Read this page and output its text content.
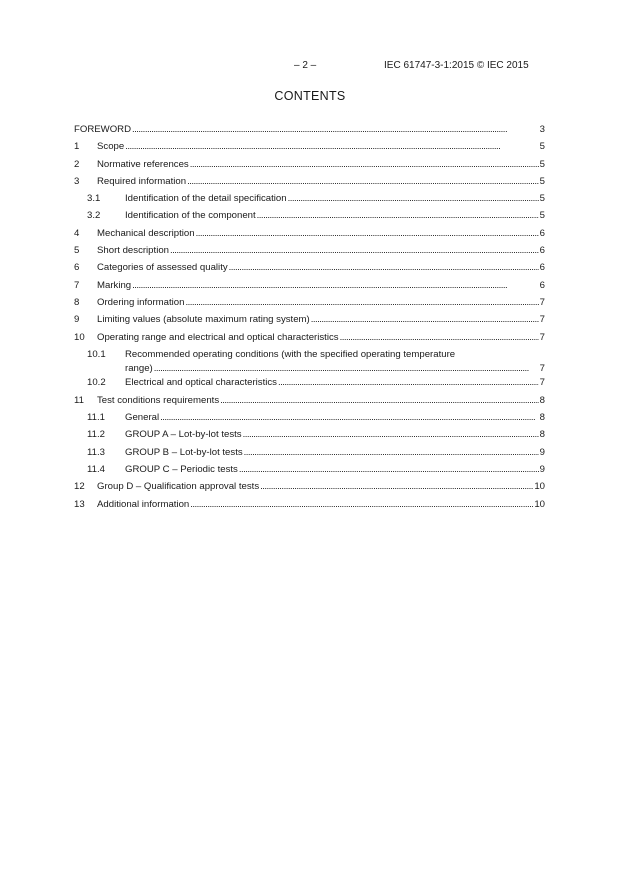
– 2 –	IEC 61747-3-1:2015 © IEC 2015
CONTENTS
FOREWORD . . .	3
1 Scope . . .	5
2 Normative references . . .	5
3 Required information . . .	5
3.1	Identification of the detail specification . . .	5
3.2	Identification of the component . . .	5
4 Mechanical description . . .	6
5 Short description . . .	6
6 Categories of assessed quality . . .	6
7 Marking . . .	6
8 Ordering information . . .	7
9 Limiting values (absolute maximum rating system) . . .	7
10 Operating range and electrical and optical characteristics . . .	7
10.1 Recommended operating conditions (with the specified operating temperature
range) . . .	7
10.2 Electrical and optical characteristics . . .	7
11 Test conditions requirements . . .	8
11.1 General . . .	8
11.2 GROUP A – Lot-by-lot tests . . .	8
11.3 GROUP B – Lot-by-lot tests . . .	9
11.4 GROUP C – Periodic tests . . .	9
12 Group D – Qualification approval tests . . .	10
13 Additional information . . .	10
